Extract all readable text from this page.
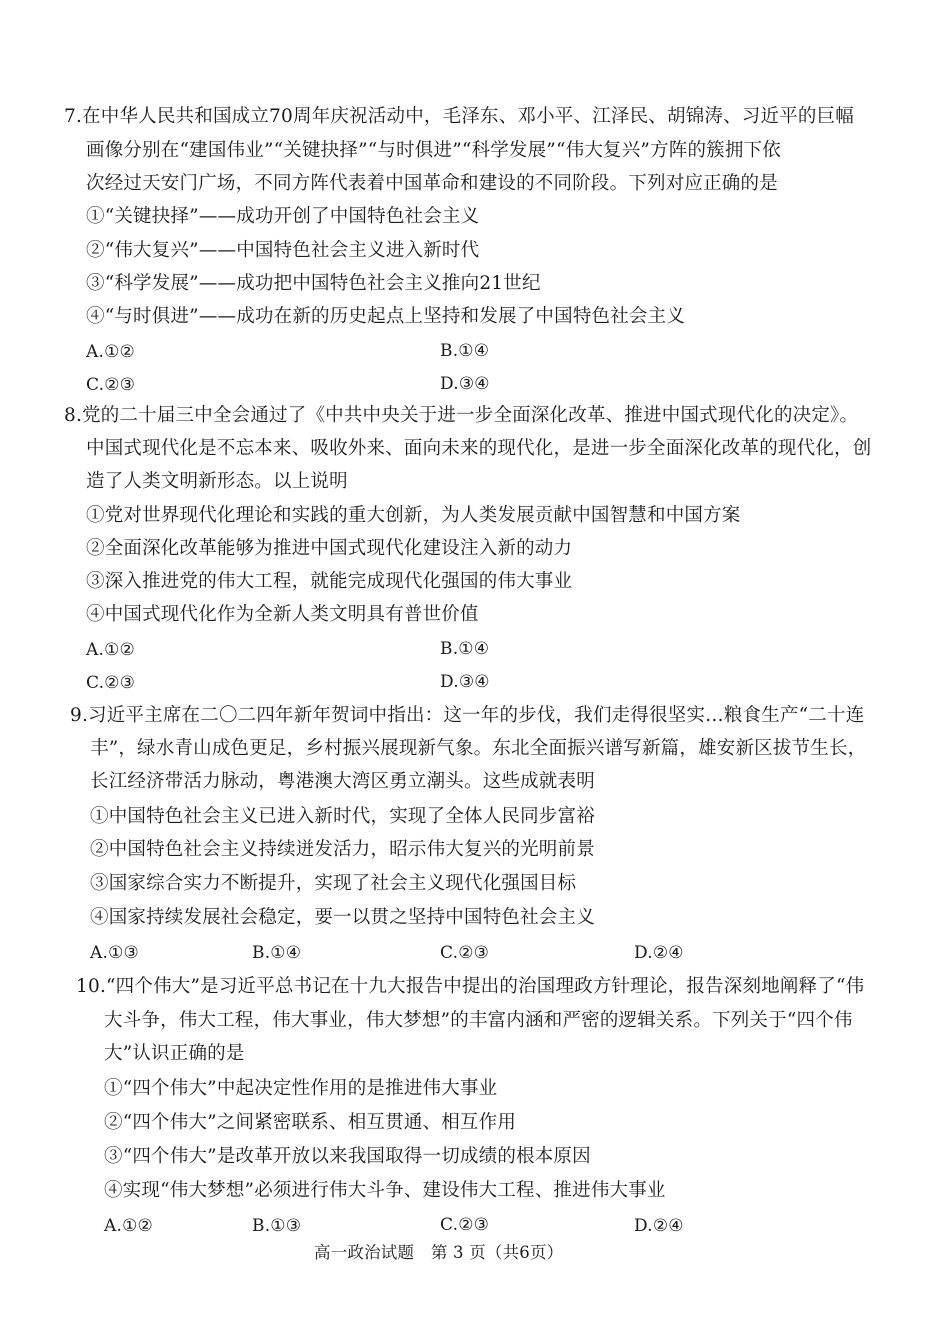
7.在中华人民共和国成立70周年庆祝活动中，毛泽东、邓小平、江泽民、胡锦涛、习近平的巨幅
画像分别在“建国伟业”“关键抉择”“与时俱进”“科学发展”“伟大复兴”方阵的簇拥下依
次经过天安门广场，不同方阵代表着中国革命和建设的不同阶段。下列对应正确的是
①“关键抉择”——成功开创了中国特色社会主义
②“伟大复兴”——中国特色社会主义进入新时代
③“科学发展”——成功把中国特色社会主义推向21世纪
④“与时俱进”——成功在新的历史起点上坚持和发展了中国特色社会主义
A.①②	B.①④
C.②③	D.③④
8.党的二十届三中全会通过了《中共中央关于进一步全面深化改革、推进中国式现代化的决定》。
中国式现代化是不忘本来、吸收外来、面向未来的现代化，是进一步全面深化改革的现代化，创
造了人类文明新形态。以上说明
①党对世界现代化理论和实践的重大创新，为人类发展贡献中国智慧和中国方案
②全面深化改革能够为推进中国式现代化建设注入新的动力
③深入推进党的伟大工程，就能完成现代化强国的伟大事业
④中国式现代化作为全新人类文明具有普世价值
A.①②	B.①④
C.②③	D.③④
9.习近平主席在二〇二四年新年贺词中指出：这一年的步伐，我们走得很坚实…粮食生产“二十连
丰”，绿水青山成色更足，乡村振兴展现新气象。东北全面振兴谱写新篇，雄安新区拔节生长，
长江经济带活力脉动，粤港澳大湾区勇立潮头。这些成就表明
①中国特色社会主义已进入新时代，实现了全体人民同步富裕
②中国特色社会主义持续迸发活力，昭示伟大复兴的光明前景
③国家综合实力不断提升，实现了社会主义现代化强国目标
④国家持续发展社会稳定，要一以贯之坚持中国特色社会主义
A.①③	B.①④	C.②③	D.②④
10.“四个伟大”是习近平总书记在十九大报告中提出的治国理政方针理论，报告深刻地阐释了“伟
大斗争，伟大工程，伟大事业，伟大梦想”的丰富内涵和严密的逻辑关系。下列关于“四个伟
大”认识正确的是
①“四个伟大”中起决定性作用的是推进伟大事业
②“四个伟大”之间紧密联系、相互贯通、相互作用
③“四个伟大”是改革开放以来我国取得一切成绩的根本原因
④实现“伟大梦想”必须进行伟大斗争、建设伟大工程、推进伟大事业
A.①②	B.①③	C.②③	D.②④
高一政治试题　第 3 页（共6页）
